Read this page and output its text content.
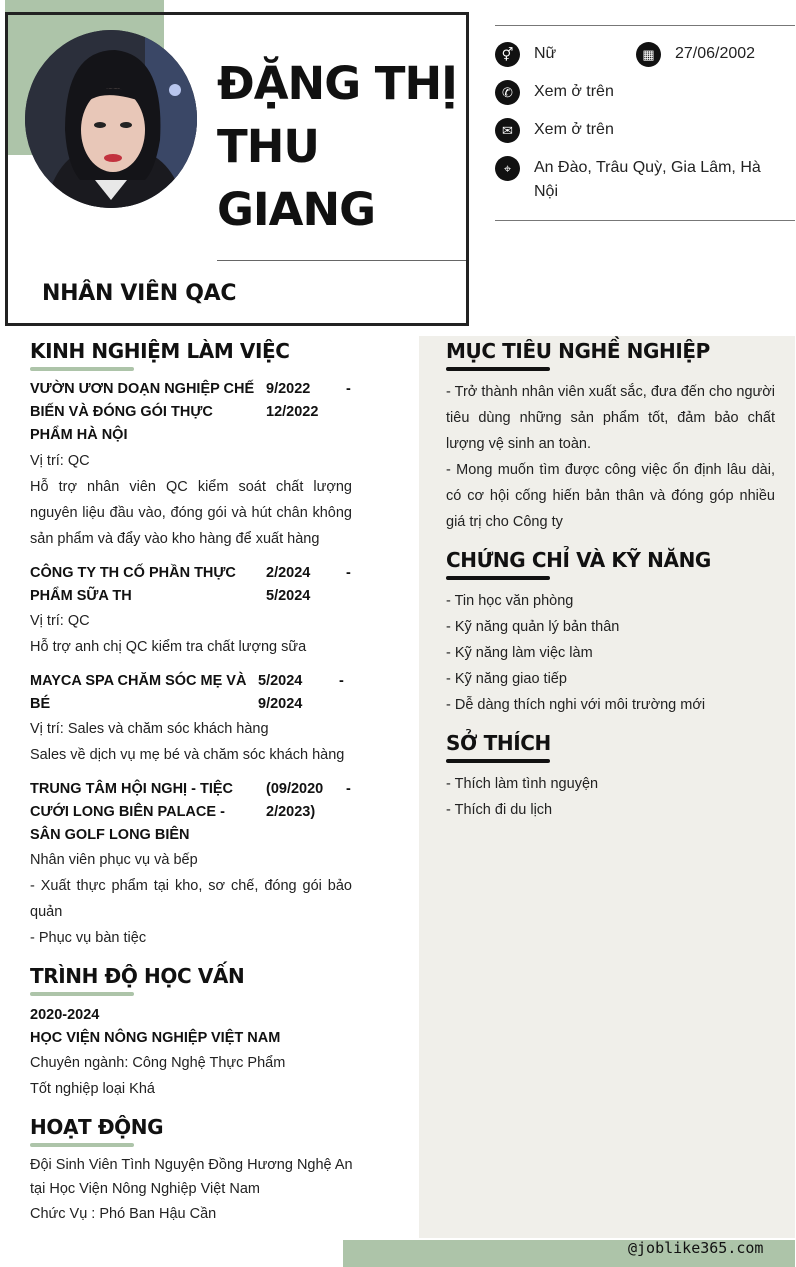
ĐẶNG THỊ
THU
GIANG
NHÂN VIÊN QAC
⚥	Nữ	▦	27/06/2002
✆	Xem ở trên
✉	Xem ở trên
⌖	An Đào, Trâu Quỳ, Gia Lâm, Hà Nội
KINH NGHIỆM LÀM VIỆC
VƯỜN ƯƠN DOẠN NGHIỆP CHẾ BIẾN VÀ ĐÓNG GÓI THỰC PHẨM HÀ NỘI
9/2022 -
12/2022
Vị trí: QC
Hỗ trợ nhân viên QC kiểm soát chất lượng nguyên liệu đầu vào, đóng gói và hút chân không sản phẩm và đẩy vào kho hàng để xuất hàng
CÔNG TY TH CỐ PHẦN THỰC PHẨM SỮA TH
2/2024 -
5/2024
Vị trí: QC
Hỗ trợ anh chị QC kiểm tra chất lượng sữa
MAYCA SPA CHĂM SÓC MẸ VÀ BÉ
5/2024	-
9/2024
Vị trí: Sales và chăm sóc khách hàng
Sales về dịch vụ mẹ bé và chăm sóc khách hàng
TRUNG TÂM HỘI NGHỊ - TIỆC CƯỚI LONG BIÊN PALACE - SÂN GOLF LONG BIÊN
(09/2020 -
2/2023)
Nhân viên phục vụ và bếp
- Xuất thực phẩm tại kho, sơ chế, đóng gói bảo quản
- Phục vụ bàn tiệc
TRÌNH ĐỘ HỌC VẤN
2020-2024
HỌC VIỆN NÔNG NGHIỆP VIỆT NAM
Chuyên ngành: Công Nghệ Thực Phẩm
Tốt nghiệp loại Khá
HOẠT ĐỘNG
Đội Sinh Viên Tình Nguyện Đồng Hương Nghệ An tại Học Viện Nông Nghiệp Việt Nam
Chức Vụ : Phó Ban Hậu Cần
MỤC TIÊU NGHỀ NGHIỆP
- Trở thành nhân viên xuất sắc, đưa đến cho người tiêu dùng những sản phẩm tốt, đảm bảo chất lượng vệ sinh an toàn.
- Mong muốn tìm được công việc ổn định lâu dài, có cơ hội cống hiến bản thân và đóng góp nhiều giá trị cho Công ty
CHỨNG CHỈ VÀ KỸ NĂNG
- Tin học văn phòng
- Kỹ năng quản lý bản thân
- Kỹ năng làm việc làm
- Kỹ năng giao tiếp
- Dễ dàng thích nghi với môi trường mới
SỞ THÍCH
- Thích làm tình nguyện
- Thích đi du lịch
@joblike365.com
